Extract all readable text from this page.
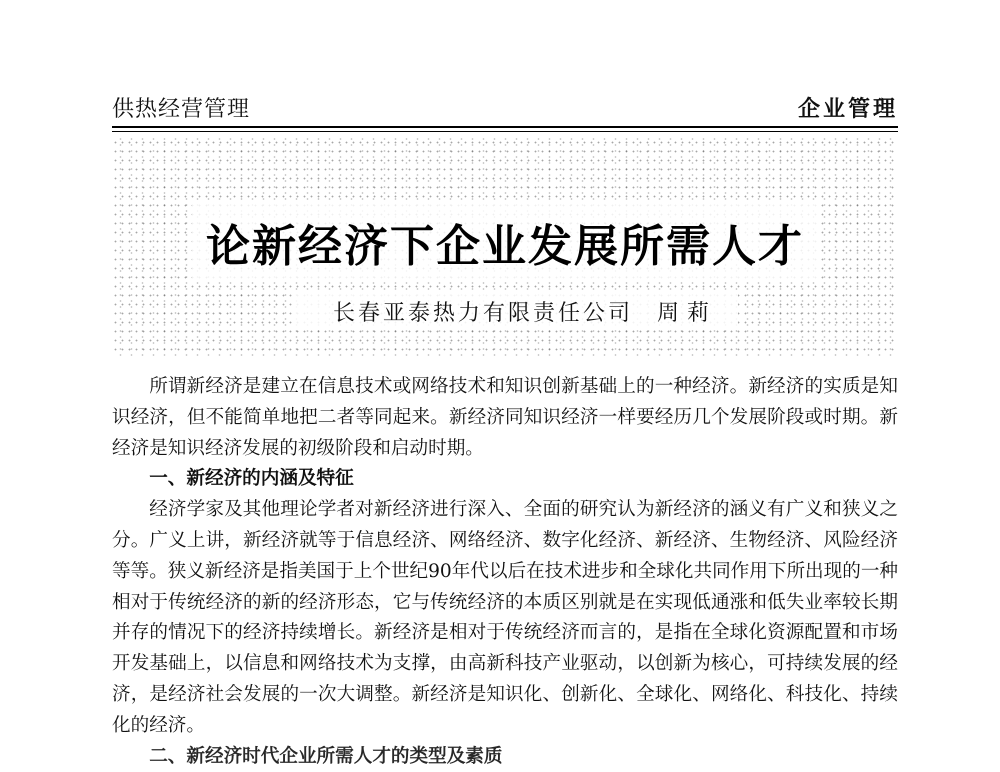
供热经营管理	企业管理
论新经济下企业发展所需人才
长春亚泰热力有限责任公司 周莉

所谓新经济是建立在信息技术或网络技术和知识创新基础上的一种经济。新经济的实质是知识经济，但不能简单地把二者等同起来。新经济同知识经济一样要经历几个发展阶段或时期。新经济是知识经济发展的初级阶段和启动时期。

一、新经济的内涵及特征

经济学家及其他理论学者对新经济进行深入、全面的研究认为新经济的涵义有广义和狭义之分。广义上讲，新经济就等于信息经济、网络经济、数字化经济、新经济、生物经济、风险经济等等。狭义新经济是指美国于上个世纪90年代以后在技术进步和全球化共同作用下所出现的一种相对于传统经济的新的经济形态，它与传统经济的本质区别就是在实现低通涨和低失业率较长期并存的情况下的经济持续增长。新经济是相对于传统经济而言的，是指在全球化资源配置和市场开发基础上，以信息和网络技术为支撑，由高新科技产业驱动，以创新为核心，可持续发展的经济，是经济社会发展的一次大调整。新经济是知识化、创新化、全球化、网络化、科技化、持续化的经济。

二、新经济时代企业所需人才的类型及素质
